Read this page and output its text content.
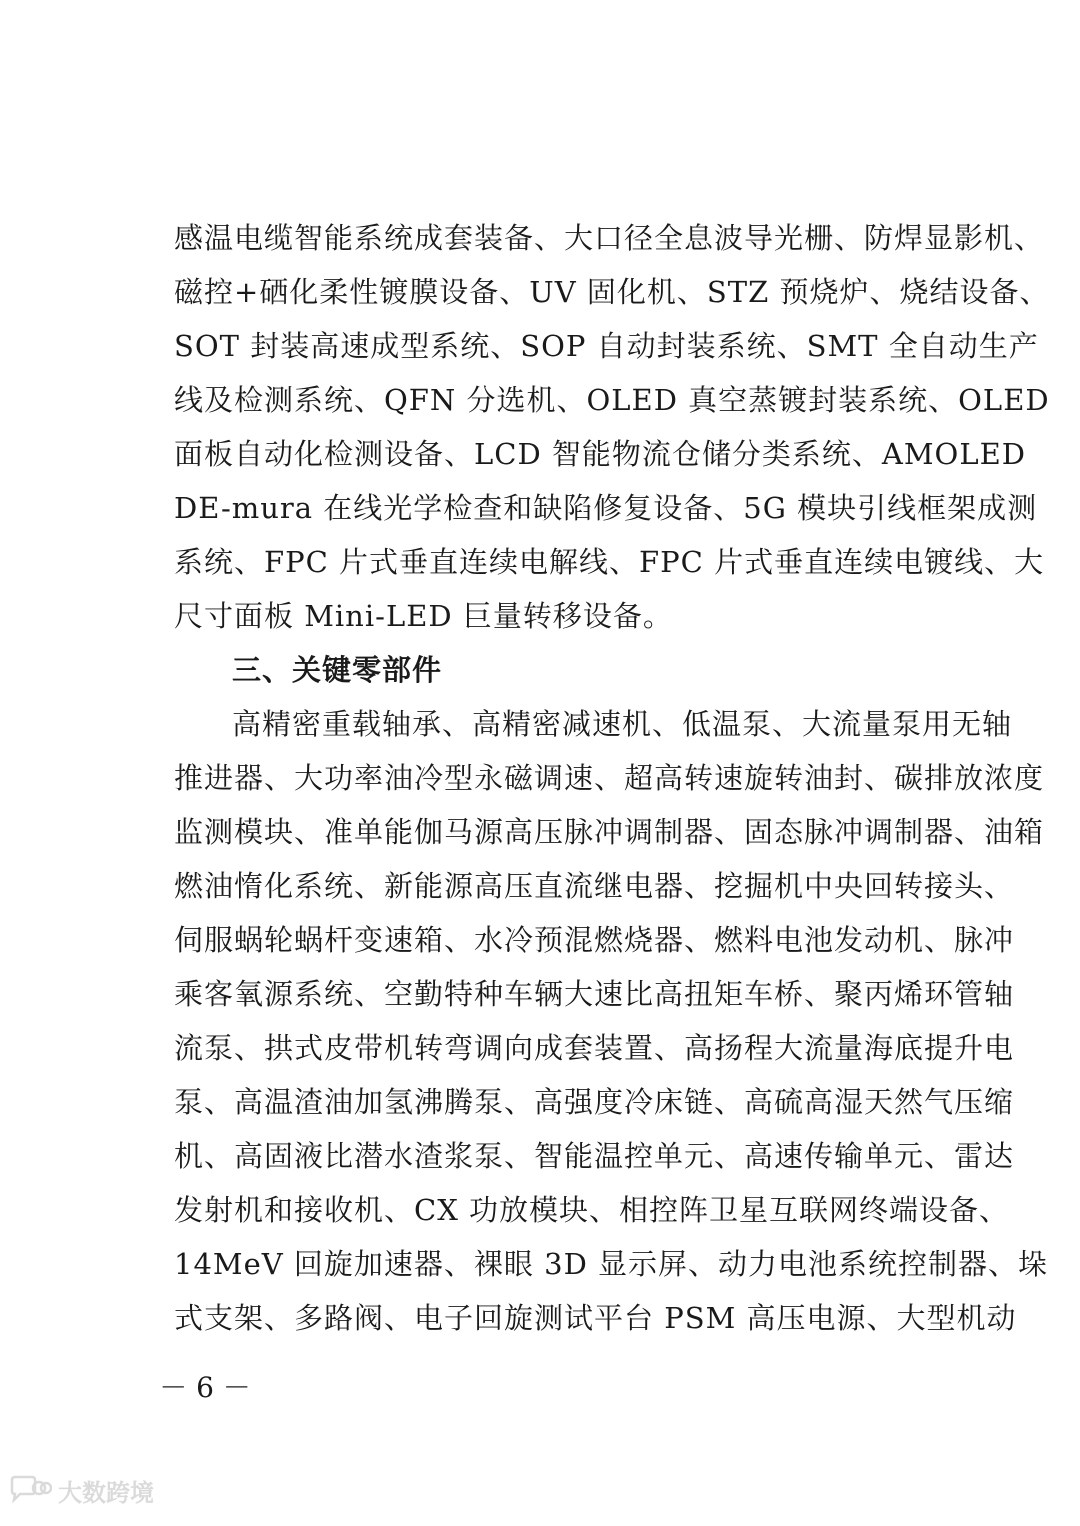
感温电缆智能系统成套装备、大口径全息波导光栅、防焊显影机、
磁控+硒化柔性镀膜设备、UV 固化机、STZ 预烧炉、烧结设备、
SOT 封装高速成型系统、SOP 自动封装系统、SMT 全自动生产
线及检测系统、QFN 分选机、OLED 真空蒸镀封装系统、OLED
面板自动化检测设备、LCD 智能物流仓储分类系统、AMOLED
DE-mura 在线光学检查和缺陷修复设备、5G 模块引线框架成测
系统、FPC 片式垂直连续电解线、FPC 片式垂直连续电镀线、大
尺寸面板 Mini-LED 巨量转移设备。
三、关键零部件
高精密重载轴承、高精密减速机、低温泵、大流量泵用无轴
推进器、大功率油冷型永磁调速、超高转速旋转油封、碳排放浓度
监测模块、准单能伽马源高压脉冲调制器、固态脉冲调制器、油箱
燃油惰化系统、新能源高压直流继电器、挖掘机中央回转接头、
伺服蜗轮蜗杆变速箱、水冷预混燃烧器、燃料电池发动机、脉冲
乘客氧源系统、空勤特种车辆大速比高扭矩车桥、聚丙烯环管轴
流泵、拱式皮带机转弯调向成套装置、高扬程大流量海底提升电
泵、高温渣油加氢沸腾泵、高强度冷床链、高硫高湿天然气压缩
机、高固液比潜水渣浆泵、智能温控单元、高速传输单元、雷达
发射机和接收机、CX 功放模块、相控阵卫星互联网终端设备、
14MeV 回旋加速器、裸眼 3D 显示屏、动力电池系统控制器、垛
式支架、多路阀、电子回旋测试平台 PSM 高压电源、大型机动
－ 6 －
大数跨境
